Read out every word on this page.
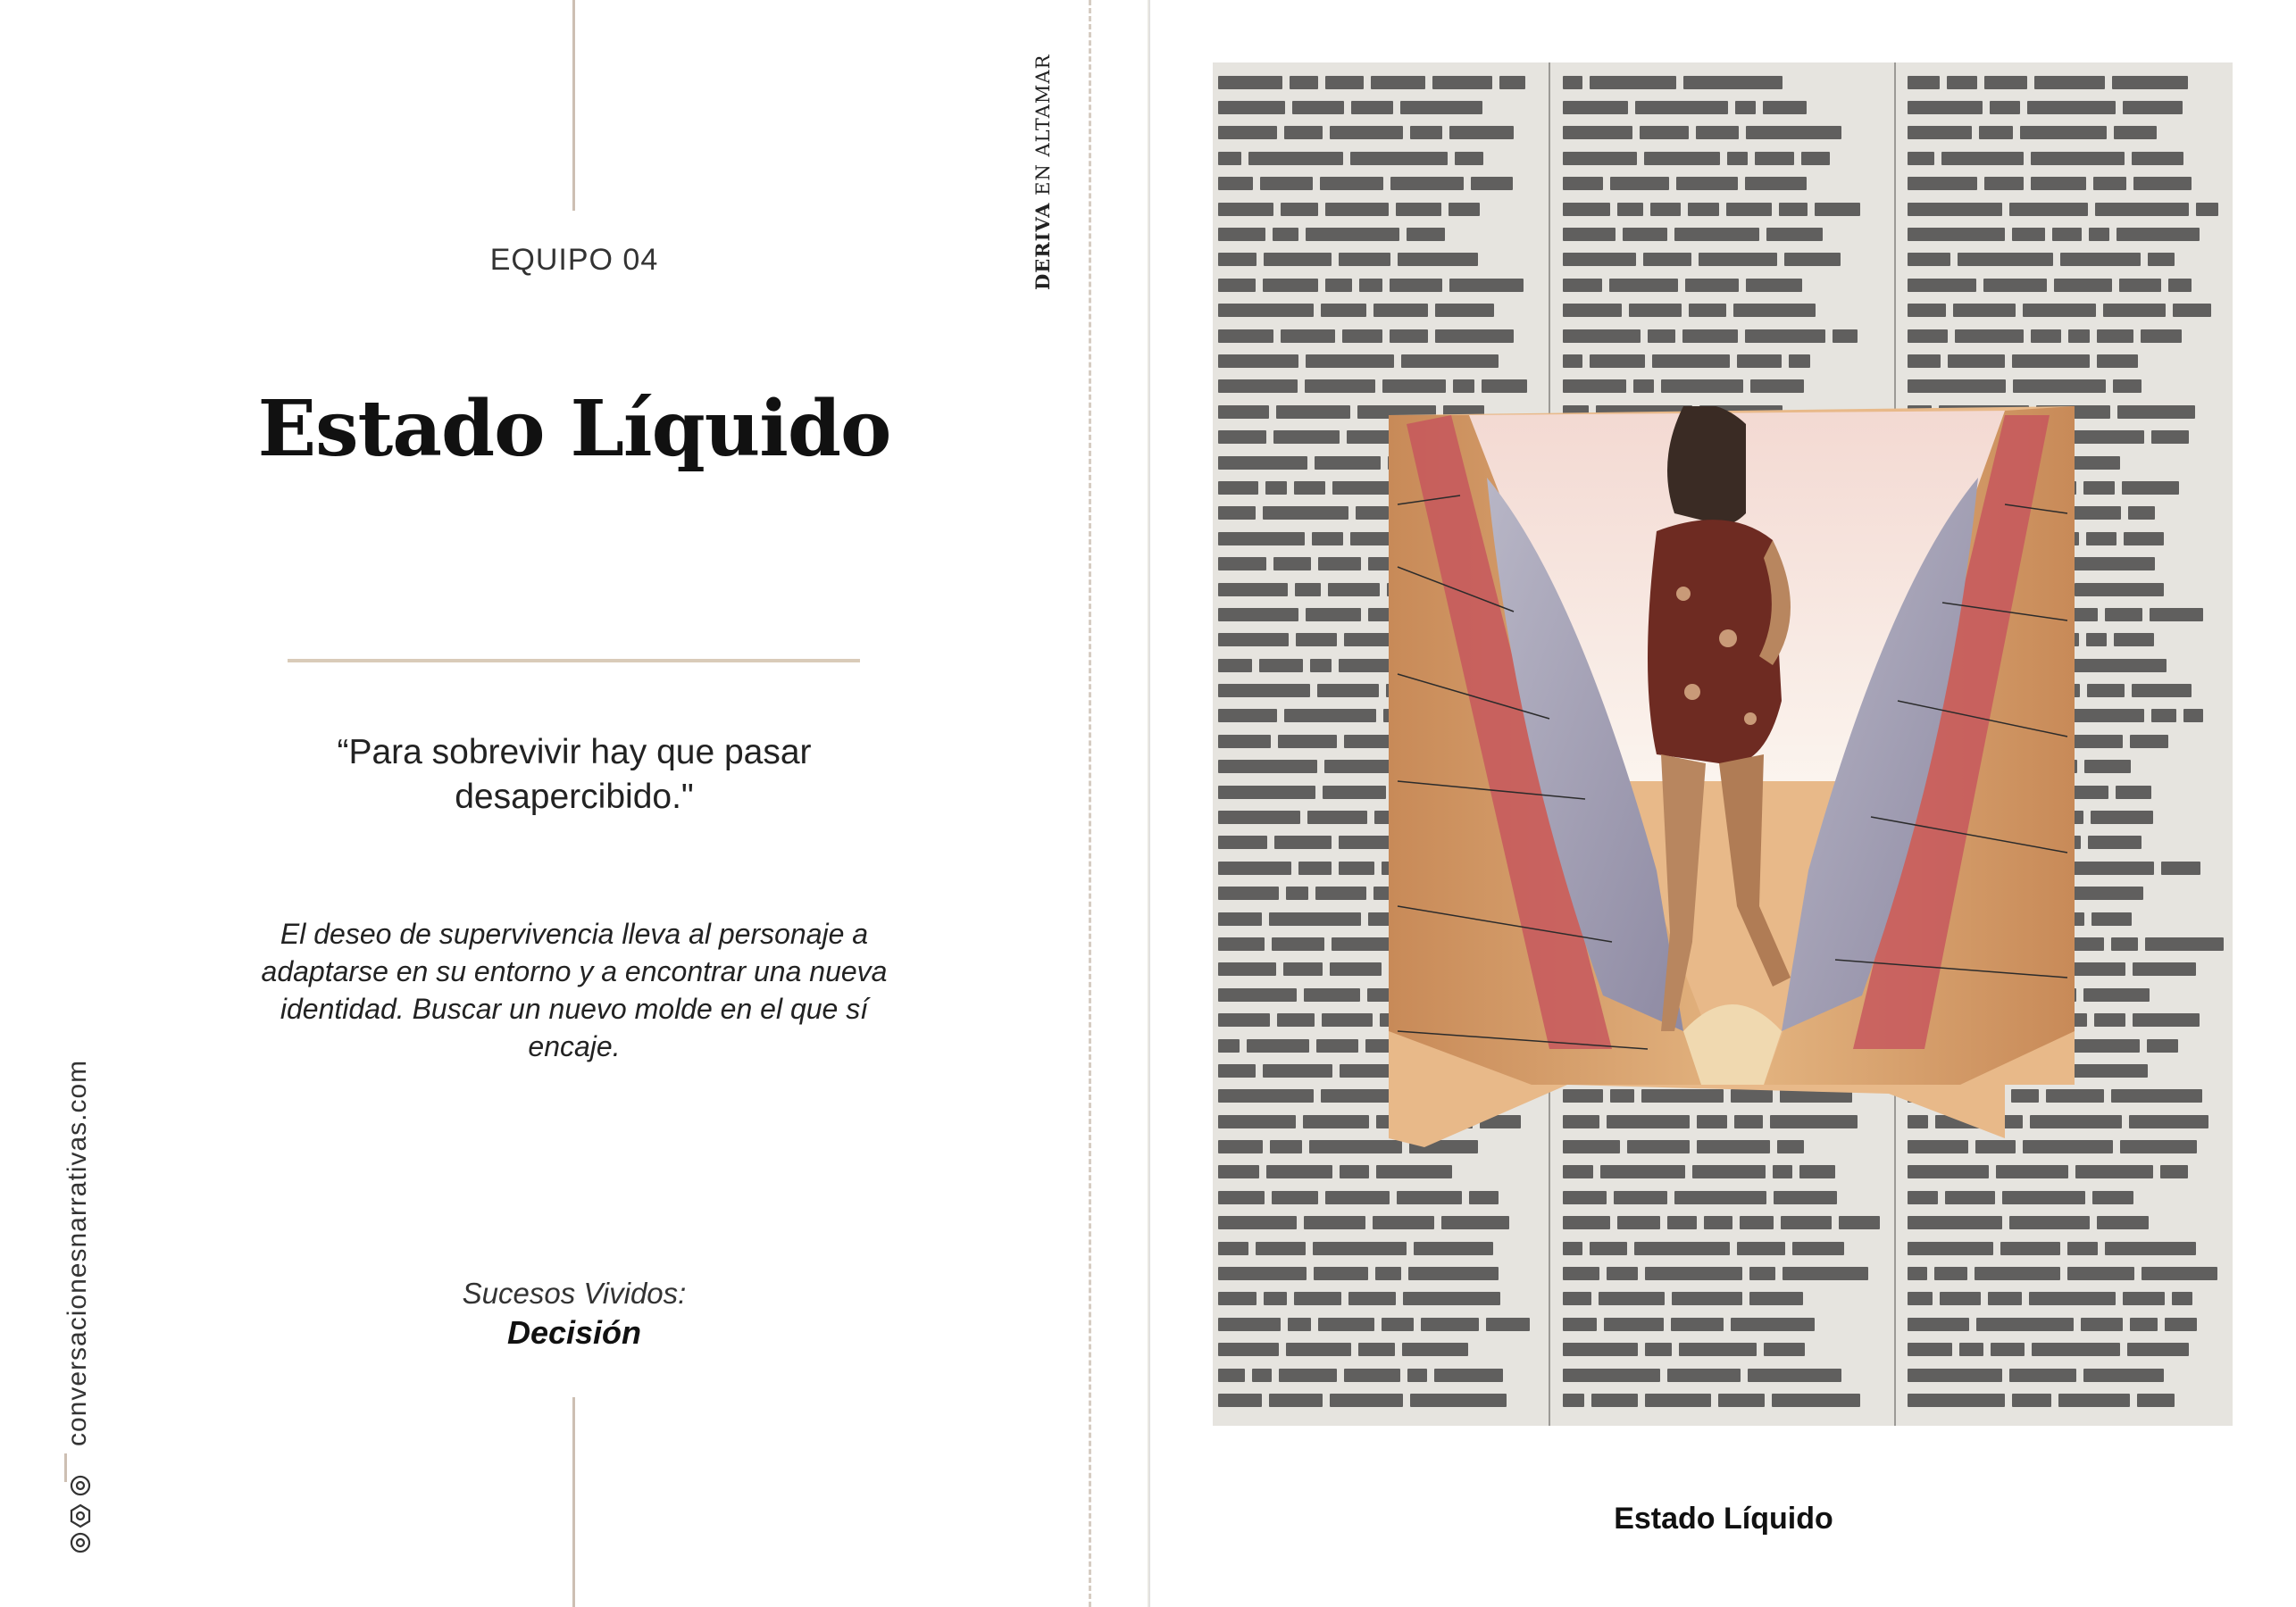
EQUIPO 04
Estado Líquido
“Para sobrevivir hay que pasar desapercibido."
El deseo de supervivencia lleva al personaje a adaptarse en su entorno y a encontrar una nueva identidad. Buscar un nuevo molde en el que sí encaje.
Sucesos Vividos:
Decisión
conversacionesnarrativas.com
DERIVA EN ALTAMAR
Estado Líquido
